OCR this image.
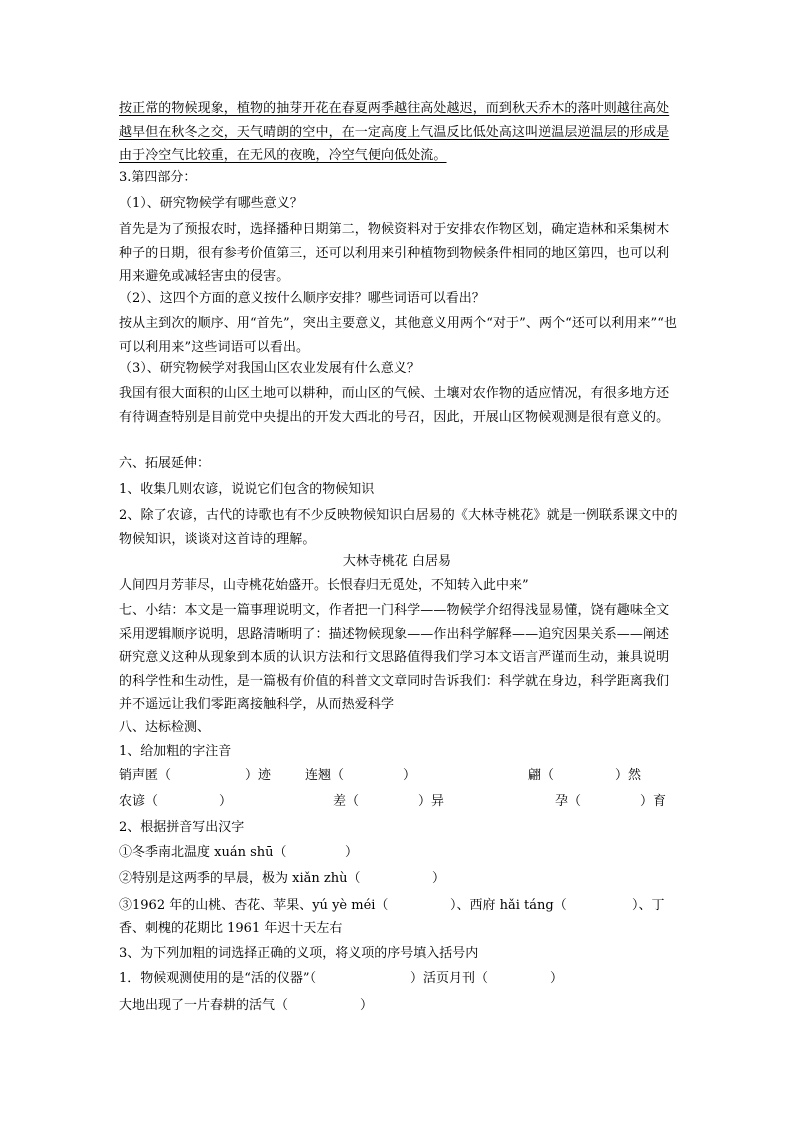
按正常的物候现象，植物的抽芽开花在春夏两季越往高处越迟，而到秋天乔木的落叶则越往高处越早但在秋冬之交，天气晴朗的空中，在一定高度上气温反比低处高这叫逆温层逆温层的形成是由于冷空气比较重，在无风的夜晚，冷空气便向低处流。
3.第四部分：
（1）、研究物候学有哪些意义？
首先是为了预报农时，选择播种日期第二，物候资料对于安排农作物区划，确定造林和采集树木种子的日期，很有参考价值第三，还可以利用来引种植物到物候条件相同的地区第四，也可以利用来避免或减轻害虫的侵害。
（2）、这四个方面的意义按什么顺序安排？哪些词语可以看出？
按从主到次的顺序、用“首先”，突出主要意义，其他意义用两个“对于”、两个“还可以利用来”“也可以利用来”这些词语可以看出。
（3）、研究物候学对我国山区农业发展有什么意义？
我国有很大面积的山区土地可以耕种，而山区的气候、土壤对农作物的适应情况，有很多地方还有待调查特别是目前党中央提出的开发大西北的号召，因此，开展山区物候观测是很有意义的。
六、拓展延伸：
1、收集几则农谚，说说它们包含的物候知识
2、除了农谚，古代的诗歌也有不少反映物候知识白居易的《大林寺桃花》就是一例联系课文中的物候知识，谈谈对这首诗的理解。
大林寺桃花 白居易
人间四月芳菲尽，山寺桃花始盛开。长恨春归无觅处，不知转入此中来”
七、小结：本文是一篇事理说明文，作者把一门科学——物候学介绍得浅显易懂，饶有趣味全文采用逻辑顺序说明，思路清晰明了：描述物候现象——作出科学解释——追究因果关系——阐述研究意义这种从现象到本质的认识方法和行文思路值得我们学习本文语言严谨而生动，兼具说明的科学性和生动性，是一篇极有价值的科普文文章同时告诉我们：科学就在身边，科学距离我们并不遥远让我们零距离接触科学，从而热爱科学
八、达标检测、
1、给加粗的字注音
销声匿（	）迹	连翘（	）	翩（	）然
农谚（	）	差（	）异	孕（	）育
2、根据拼音写出汉字
①冬季南北温度 xuán shū（	）
②特别是这两季的早晨，极为 xiǎn zhù（	）
③1962 年的山桃、杏花、苹果、yú yè méi（	）、西府 hǎi táng（	）、丁
香、刺槐的花期比 1961 年迟十天左右
3、为下列加粗的词选择正确的义项，将义项的序号填入括号内
1．物候观测使用的是“活的仪器”（	）活页月刊（	）
大地出现了一片春耕的活气（	）
